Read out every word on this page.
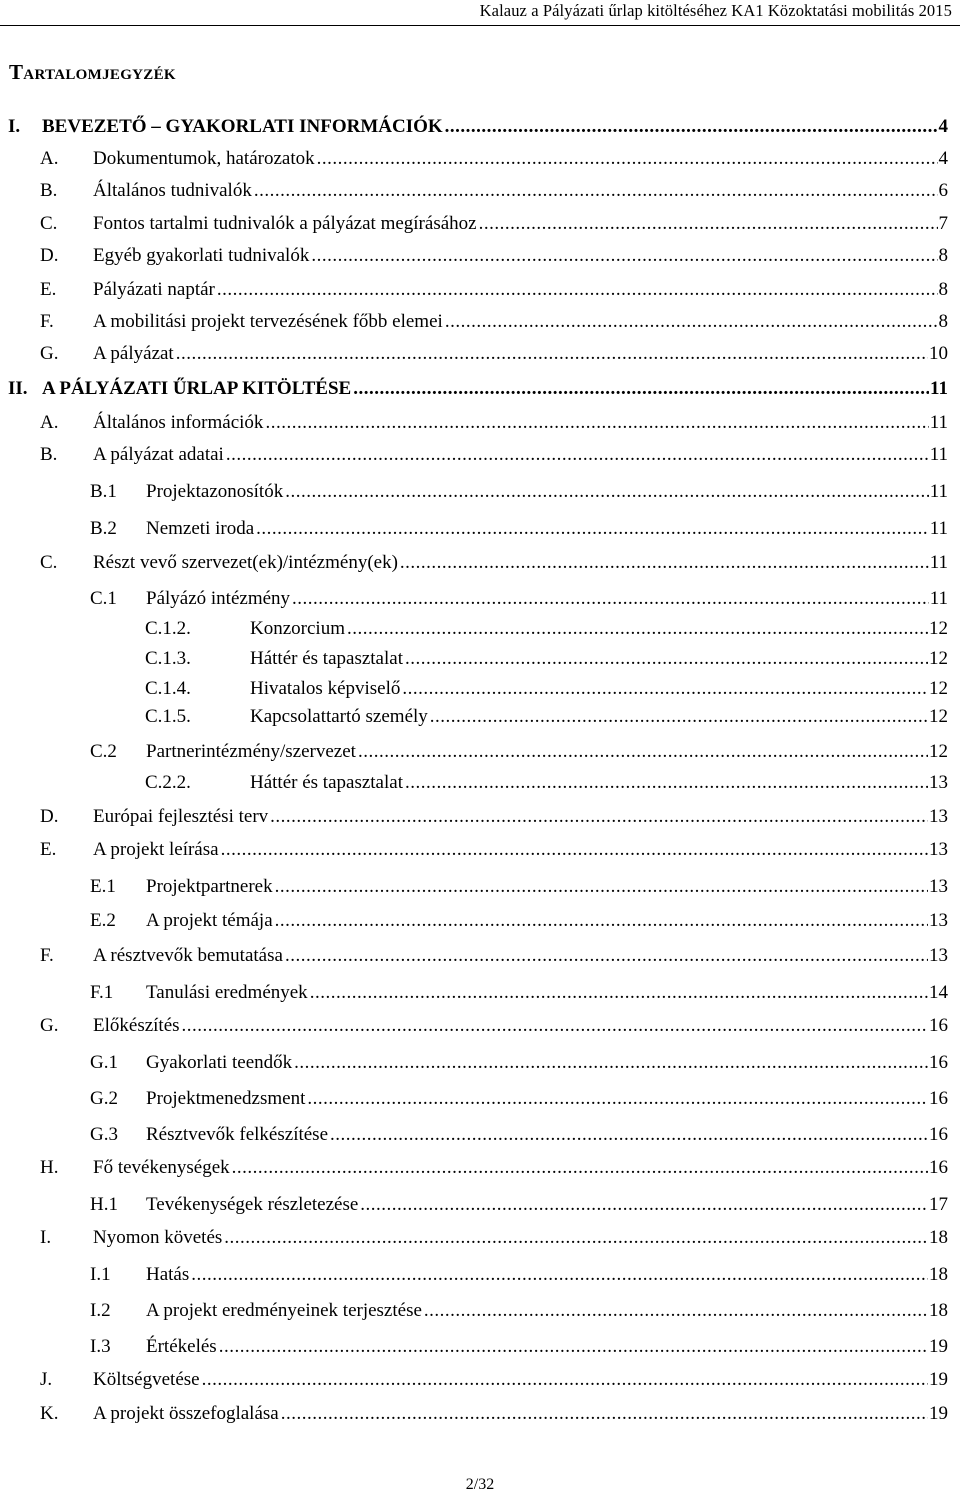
Kalauz a Pályázati űrlap kitöltéséhez KA1 Közoktatási mobilitás 2015
Tartalomjegyzék
I. BEVEZETŐ – GYAKORLATI INFORMÁCIÓK .....	4
A. Dokumentumok, határozatok .....	4
B. Általános tudnivalók .....	6
C. Fontos tartalmi tudnivalók a pályázat megírásához .....	7
D. Egyéb gyakorlati tudnivalók .....	8
E. Pályázati naptár .....	8
F. A mobilitási projekt tervezésének főbb elemei .....	8
G. A pályázat .....	10
II. A PÁLYÁZATI ŰRLAP KITÖLTÉSE .....	11
A. Általános információk .....	11
B. A pályázat adatai .....	11
B.1 Projektazonosítók .....	11
B.2 Nemzeti iroda .....	11
C. Részt vevő szervezet(ek)/intézmény(ek) .....	11
C.1 Pályázó intézmény .....	11
C.1.2.	Konzorcium .....	12
C.1.3.	Háttér és tapasztalat .....	12
C.1.4.	Hivatalos képviselő .....	12
C.1.5.	Kapcsolattartó személy .....	12
C.2 Partnerintézmény/szervezet .....	12
C.2.2.	Háttér és tapasztalat .....	13
D. Európai fejlesztési terv .....	13
E. A projekt leírása .....	13
E.1 Projektpartnerek .....	13
E.2 A projekt témája .....	13
F. A résztvevők bemutatása .....	13
F.1 Tanulási eredmények .....	14
G. Előkészítés .....	16
G.1 Gyakorlati teendők .....	16
G.2 Projektmenedzsment .....	16
G.3 Résztvevők felkészítése .....	16
H. Fő tevékenységek .....	16
H.1 Tevékenységek részletezése .....	17
I. Nyomon követés .....	18
I.1 Hatás .....	18
I.2 A projekt eredményeinek terjesztése .....	18
I.3 Értékelés .....	19
J. Költségvetése .....	19
K. A projekt összefoglalása .....	19
2/32
